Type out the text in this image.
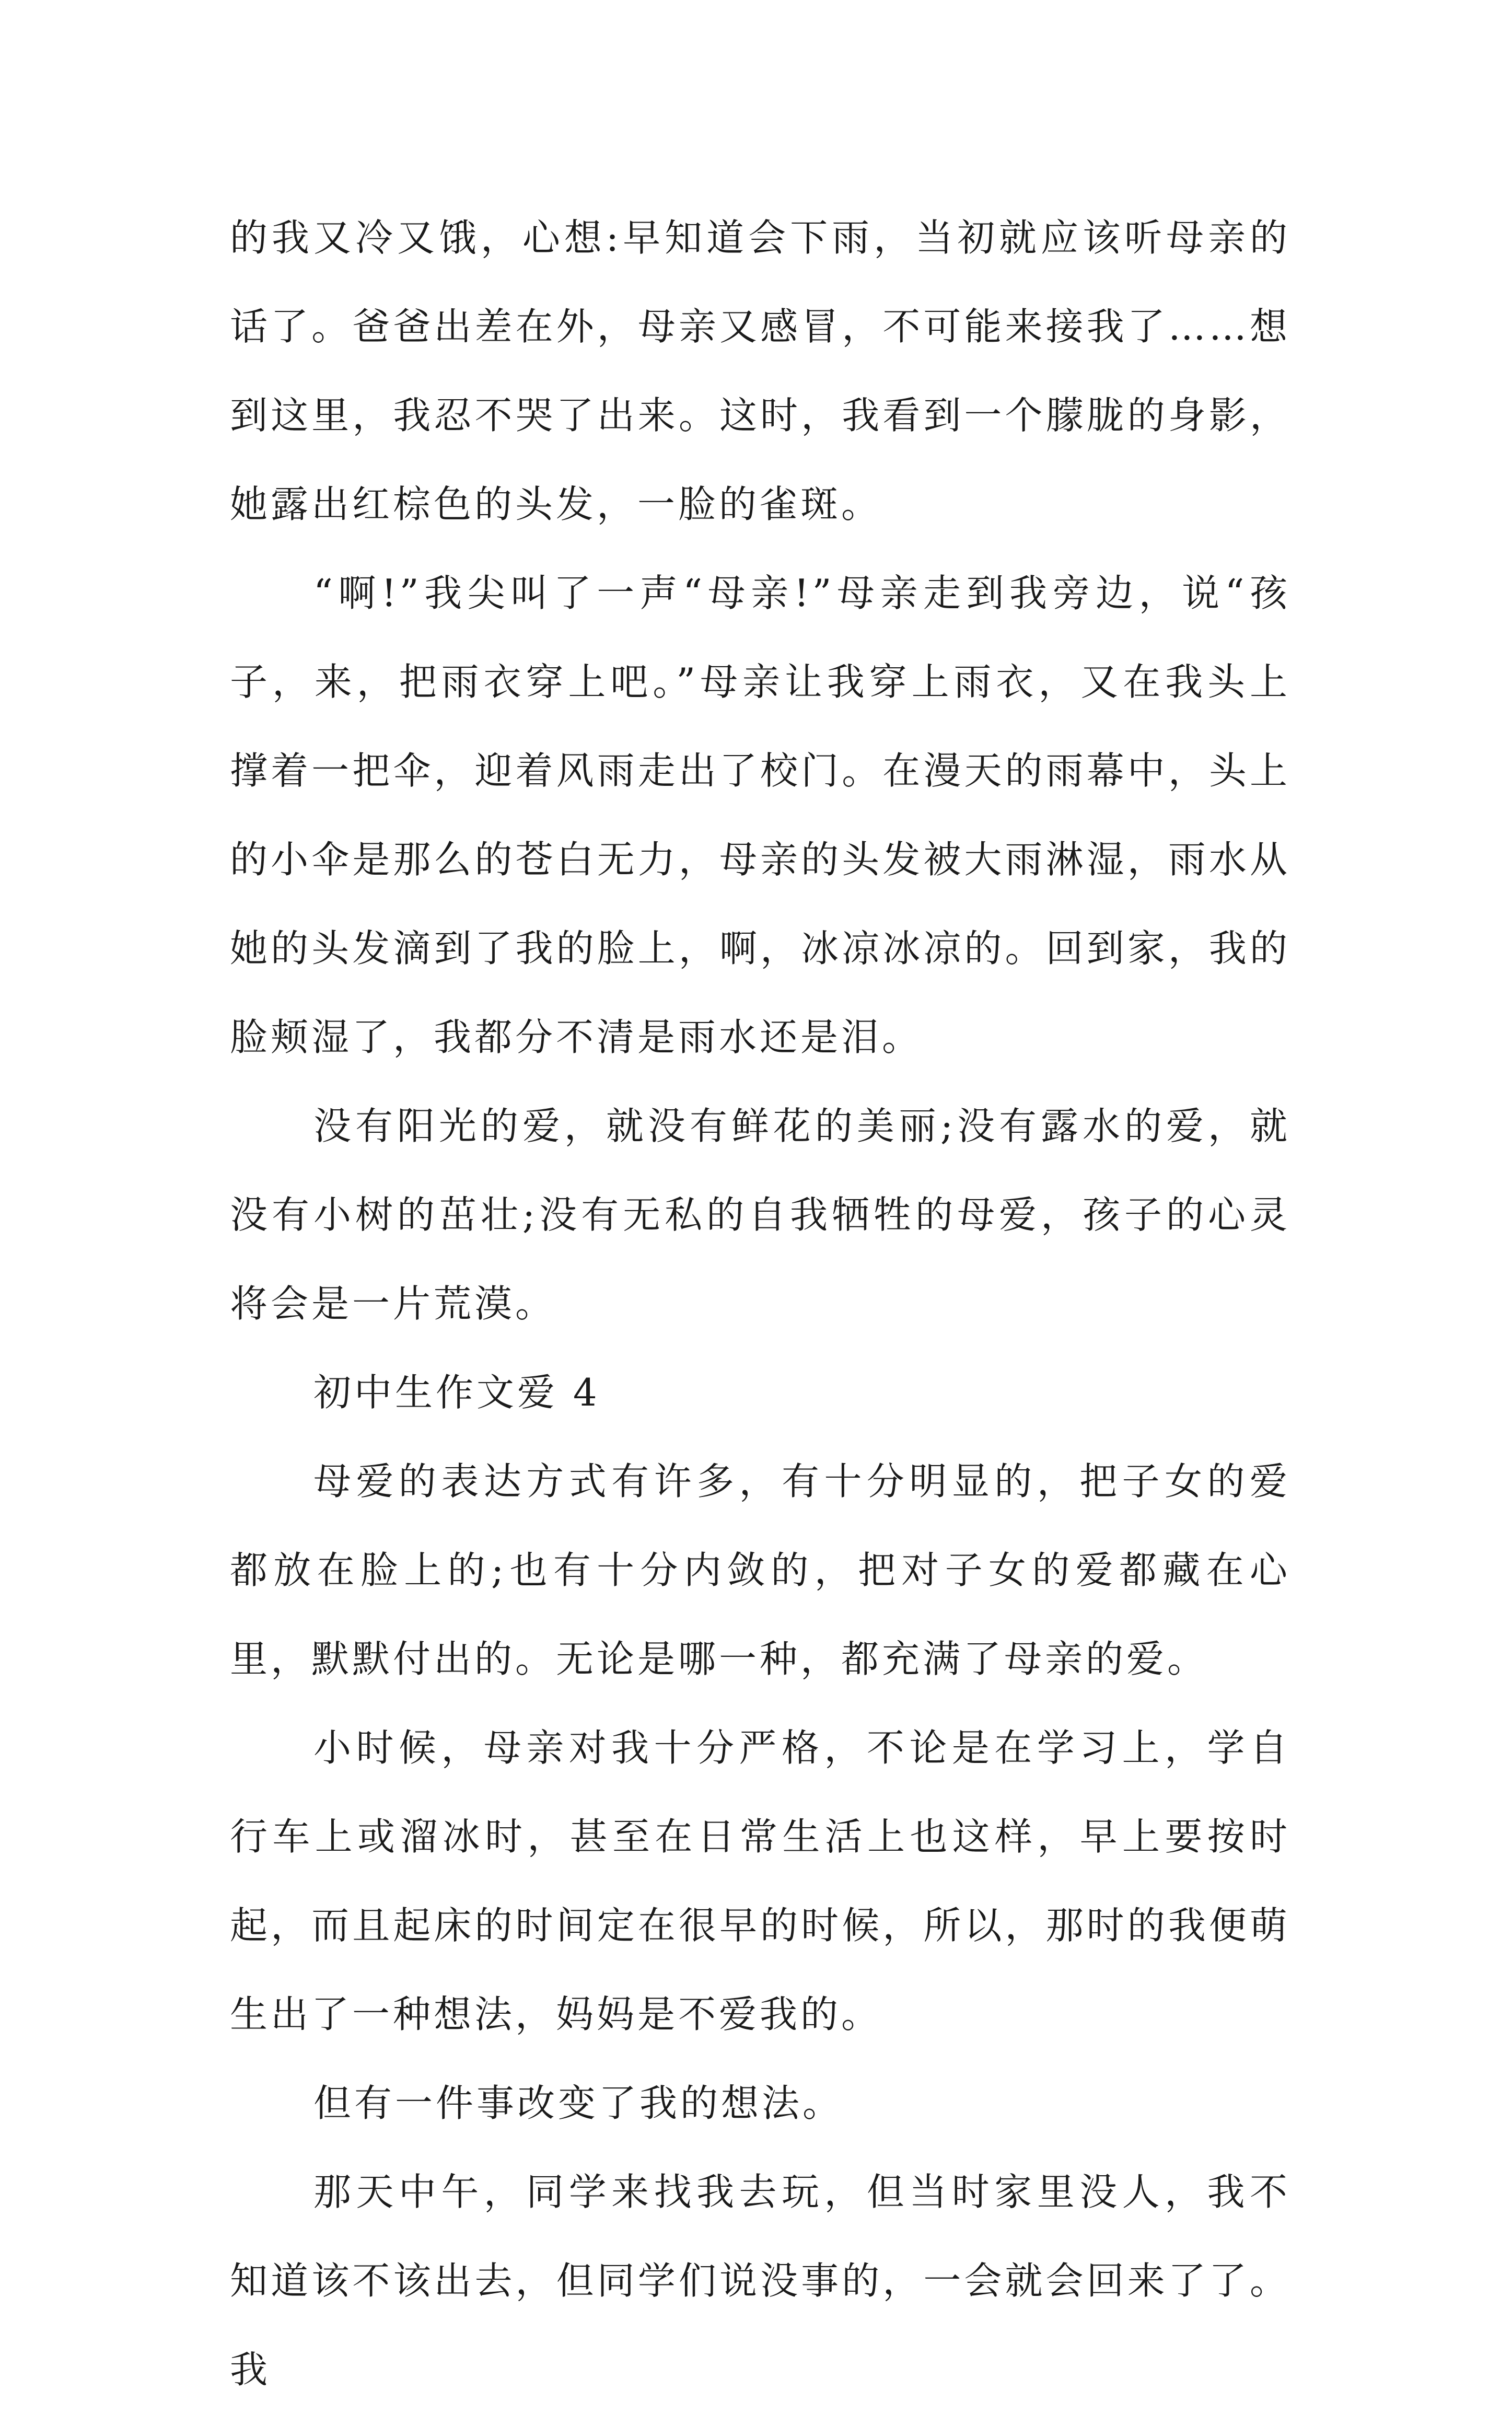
的我又冷又饿，心想:早知道会下雨，当初就应该听母亲的话了。爸爸出差在外，母亲又感冒，不可能来接我了……想到这里，我忍不哭了出来。这时，我看到一个朦胧的身影，她露出红棕色的头发，一脸的雀斑。

“啊!”我尖叫了一声“母亲!”母亲走到我旁边，说“孩子，来，把雨衣穿上吧。”母亲让我穿上雨衣，又在我头上撑着一把伞，迎着风雨走出了校门。在漫天的雨幕中，头上的小伞是那么的苍白无力，母亲的头发被大雨淋湿，雨水从她的头发滴到了我的脸上，啊，冰凉冰凉的。回到家，我的脸颊湿了，我都分不清是雨水还是泪。

没有阳光的爱，就没有鲜花的美丽;没有露水的爱，就没有小树的茁壮;没有无私的自我牺牲的母爱，孩子的心灵将会是一片荒漠。

初中生作文爱 4

母爱的表达方式有许多，有十分明显的，把子女的爱都放在脸上的;也有十分内敛的，把对子女的爱都藏在心里，默默付出的。无论是哪一种，都充满了母亲的爱。

小时候，母亲对我十分严格，不论是在学习上，学自行车上或溜冰时，甚至在日常生活上也这样，早上要按时起，而且起床的时间定在很早的时候，所以，那时的我便萌生出了一种想法，妈妈是不爱我的。

但有一件事改变了我的想法。

那天中午，同学来找我去玩，但当时家里没人，我不知道该不该出去，但同学们说没事的，一会就会回来了了。我
